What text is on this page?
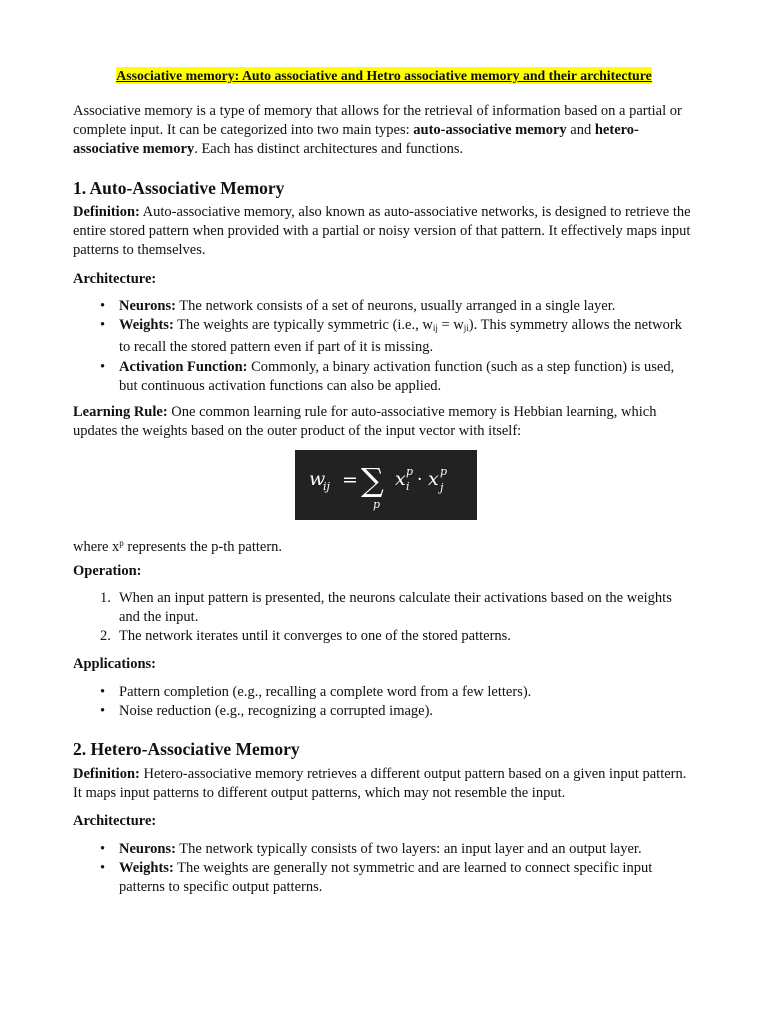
Associative memory: Auto associative and Hetro associative memory and their architecture

Associative memory is a type of memory that allows for the retrieval of information based on a partial or complete input. It can be categorized into two main types: auto-associative memory and hetero-associative memory. Each has distinct architectures and functions.

1. Auto-Associative Memory

Definition: Auto-associative memory, also known as auto-associative networks, is designed to retrieve the entire stored pattern when provided with a partial or noisy version of that pattern. It effectively maps input patterns to themselves.

Architecture:

• Neurons: The network consists of a set of neurons, usually arranged in a single layer.
• Weights: The weights are typically symmetric (i.e., $w_{ij} = w_{ji}$). This symmetry allows the network to recall the stored pattern even if part of it is missing.
• Activation Function: Commonly, a binary activation function (such as a step function) is used, but continuous activation functions can also be applied.

Learning Rule: One common learning rule for auto-associative memory is Hebbian learning, which updates the weights based on the outer product of the input vector with itself:

w
ij = ∑
p
x p
i · x p
j

where $x^p$ represents the p-th pattern.

Operation:

1. When an input pattern is presented, the neurons calculate their activations based on the weights and the input.
2. The network iterates until it converges to one of the stored patterns.

Applications:

• Pattern completion (e.g., recalling a complete word from a few letters).
• Noise reduction (e.g., recognizing a corrupted image).
2. Hetero-Associative Memory

Definition: Hetero-associative memory retrieves a different output pattern based on a given input pattern. It maps input patterns to different output patterns, which may not resemble the input.

Architecture:

• Neurons: The network typically consists of two layers: an input layer and an output layer.
• Weights: The weights are generally not symmetric and are learned to connect specific input patterns to specific output patterns.
